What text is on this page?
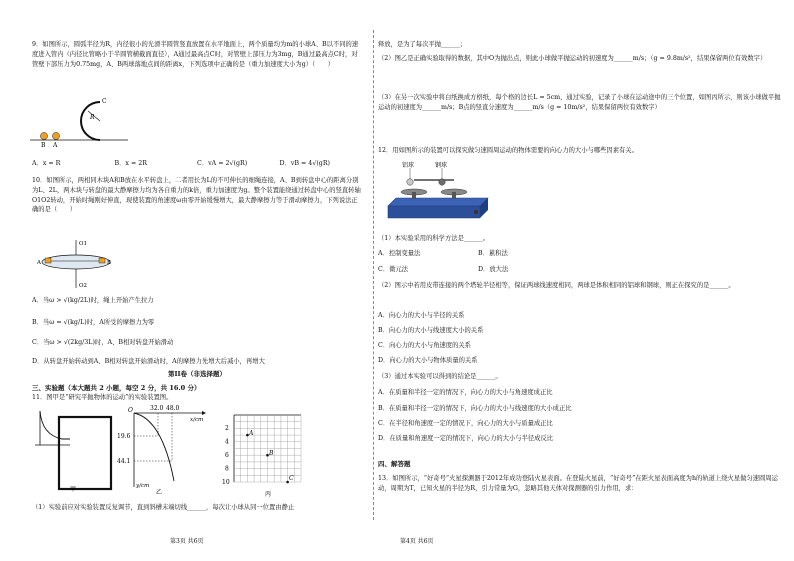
9．如图所示，圆弧半径为R，内径很小的光滑半圆管竖直放置在水平地面上，两个质量均为m的小球A、B以不同的速度进入管内（内径比管略小于半圆管横截面直径），A通过最高点C时，对管壁上部压力为3mg，B通过最高点C时，对管壁下部压力为0.75mg，A、B两球落地点间的距离x，下列选项中正确的是（重力加速度大小为g）（　　）

C
R
B A
A．x = R	B．x = 2R	C．vA = 2√(gR)	D．vB = 4√(gR)

10．如图所示，两相同木块A和B放在水平转盘上，二者用长为L的不可伸长的细绳连接，A、B到转盘中心的距离分别为L、2L，两木块与转盘的最大静摩擦力均为各自重力的k倍，重力加速度为g。整个装置能绕通过转盘中心的竖直转轴O1O2转动，开始时绳刚好伸直，现使装置的角速度ω由零开始缓慢增大，最大静摩擦力等于滑动摩擦力，下列说法正确的是（　　）

O1
O2
A	B

A．当ω > √(kg/2L)时，绳上开始产生拉力

B．当ω = √(kg/L)时，A所受的摩擦力为零

C．当ω > √(2kg/3L)时，A、B相对转盘开始滑动

D．从转盘开始转动到A、B相对转盘开始滑动时，A的摩擦力先增大后减小，再增大

第II卷（非选择题）

三、实验题（本大题共 2 小题，每空 2 分，共 16.0 分）

11．图甲是“研究平抛物体的运动”的实验装置图。

甲
O	32.0 48.0
19.6
44.1
x/cm
y/cm
乙
2
4
6
8
10
A
B
C
丙

（1）实验前应对实验装置反复调节，直到斜槽末端切线______，每次让小球从同一位置由静止

第3页 共6页

释放，是为了每次平抛______；

（2）图乙是正确实验取得的数据，其中O为抛出点，则此小球做平抛运动的初速度为______m/s；（g = 9.8m/s²，结果保留两位有效数字）

（3）在另一次实验中将白纸换成方格纸，每个格的边长L = 5cm，通过实验，记录了小球在运动途中的三个位置，如图丙所示，则该小球做平抛运动的初速度为______m/s；B点的竖直分速度为______m/s（g = 10m/s²，结果保留两位有效数字）

12．用如图所示的装置可以探究做匀速圆周运动的物体需要的向心力的大小与哪些因素有关。

铝球	钢球

（1）本实验采用的科学方法是______。

A．控制变量法	B．累积法

C．微元法	D．放大法

（2）图示中若用皮带连接的两个塔轮半径相等，保证两球线速度相同，两球是体积相同的铝球和钢球，则正在探究的是______。

A．向心力的大小与半径的关系

B．向心力的大小与线速度大小的关系

C．向心力的大小与角速度的关系

D．向心力的大小与物体质量的关系

（3）通过本实验可以得到的结论是______。

A．在质量和半径一定的情况下，向心力的大小与角速度成正比

B．在质量和半径一定的情况下，向心力的大小与线速度的大小成正比

C．在半径和角速度一定的情况下，向心力的大小与质量成正比

D．在质量和角速度一定的情况下，向心力的大小与半径成反比

四、解答题

13．如图所示，“好奇号”火星探测器于2012年成功登陆火星表面。在登陆火星前，“好奇号”在距火星表面高度为h的轨道上绕火星做匀速圆周运动，周期为T，已知火星的半径为R，引力常量为G，忽略其他天体对探测器的引力作用，求：

第4页 共6页
